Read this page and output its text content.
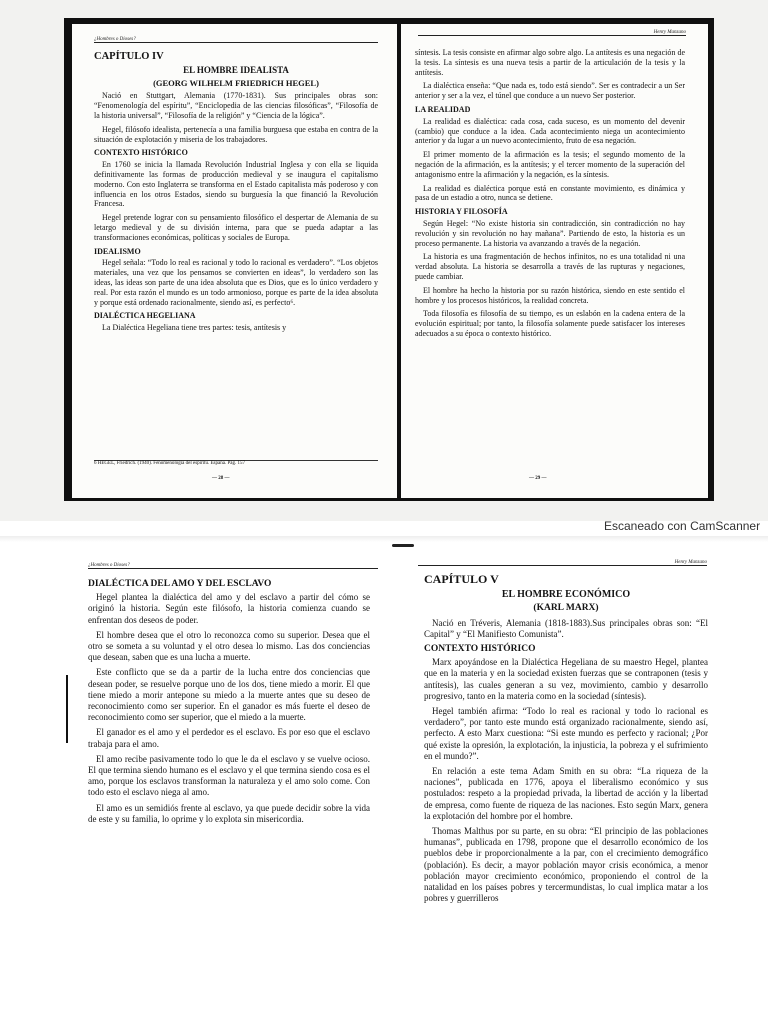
¿Hombres o Dioses?
CAPÍTULO IV
EL HOMBRE IDEALISTA
(GEORG WILHELM FRIEDRICH HEGEL)

Nació en Stuttgart, Alemania (1770-1831). Sus principales obras son: “Fenomenología del espíritu”, “Enciclopedia de las ciencias filosóficas”, “Filosofía de la historia universal”, “Filosofía de la religión” y “Ciencia de la lógica”.

Hegel, filósofo idealista, pertenecía a una familia burguesa que estaba en contra de la situación de explotación y miseria de los trabajadores.

CONTEXTO HISTÓRICO

En 1760 se inicia la llamada Revolución Industrial Inglesa y con ella se liquida definitivamente las formas de producción medieval y se inaugura el capitalismo moderno. Con esto Inglaterra se transforma en el Estado capitalista más poderoso y con influencia en los otros Estados, siendo su burguesía la que financió la Revolución Francesa.

Hegel pretende lograr con su pensamiento filosófico el despertar de Alemania de su letargo medieval y de su división interna, para que se pueda adaptar a las transformaciones económicas, políticas y sociales de Europa.

IDEALISMO

Hegel señala: “Todo lo real es racional y todo lo racional es verdadero”. “Los objetos materiales, una vez que los pensamos se convierten en ideas”, lo verdadero son las ideas, las ideas son parte de una idea absoluta que es Dios, que es lo único verdadero y real. Por esta razón el mundo es un todo armonioso, porque es parte de la idea absoluta y porque está ordenado racionalmente, siendo así, es perfecto⁶.

DIALÉCTICA HEGELIANA

La Dialéctica Hegeliana tiene tres partes: tesis, antítesis y

6 HEGEL, Friedrich. (1940). Fenomenología del espíritu. España. Pág. 157
— 28 —
Henry Manzano

síntesis. La tesis consiste en afirmar algo sobre algo. La antítesis es una negación de la tesis. La síntesis es una nueva tesis a partir de la articulación de la tesis y la antítesis.

La dialéctica enseña: “Que nada es, todo está siendo”. Ser es contradecir a un Ser anterior y ser a la vez, el túnel que conduce a un nuevo Ser posterior.

LA REALIDAD

La realidad es dialéctica: cada cosa, cada suceso, es un momento del devenir (cambio) que conduce a la idea. Cada acontecimiento niega un acontecimiento anterior y da lugar a un nuevo acontecimiento, fruto de esa negación.

El primer momento de la afirmación es la tesis; el segundo momento de la negación de la afirmación, es la antítesis; y el tercer momento de la superación del antagonismo entre la afirmación y la negación, es la síntesis.

La realidad es dialéctica porque está en constante movimiento, es dinámica y pasa de un estadio a otro, nunca se detiene.

HISTORIA Y FILOSOFÍA

Según Hegel: “No existe historia sin contradicción, sin contradicción no hay revolución y sin revolución no hay mañana”. Partiendo de esto, la historia es un proceso permanente. La historia va avanzando a través de la negación.

La historia es una fragmentación de hechos infinitos, no es una totalidad ni una verdad absoluta. La historia se desarrolla a través de las rupturas y negaciones, puede cambiar.

El hombre ha hecho la historia por su razón histórica, siendo en este sentido el hombre y los procesos históricos, la realidad concreta.

Toda filosofía es filosofía de su tiempo, es un eslabón en la cadena entera de la evolución espiritual; por tanto, la filosofía solamente puede satisfacer los intereses adecuados a su época o contexto histórico.

— 29 —
Escaneado con CamScanner
¿Hombres o Dioses?
DIALÉCTICA DEL AMO Y DEL ESCLAVO

Hegel plantea la dialéctica del amo y del esclavo a partir del cómo se originó la historia. Según este filósofo, la historia comienza cuando se enfrentan dos deseos de poder.

El hombre desea que el otro lo reconozca como su superior. Desea que el otro se someta a su voluntad y el otro desea lo mismo. Las dos conciencias que desean, saben que es una lucha a muerte.

Este conflicto que se da a partir de la lucha entre dos conciencias que desean poder, se resuelve porque uno de los dos, tiene miedo a morir. El que tiene miedo a morir antepone su miedo a la muerte antes que su deseo de reconocimiento como ser superior. En el ganador es más fuerte el deseo de reconocimiento como ser superior, que el miedo a la muerte.

El ganador es el amo y el perdedor es el esclavo. Es por eso que el esclavo trabaja para el amo.

El amo recibe pasivamente todo lo que le da el esclavo y se vuelve ocioso. El que termina siendo humano es el esclavo y el que termina siendo cosa es el amo, porque los esclavos transforman la naturaleza y el amo solo come. Con todo esto el esclavo niega al amo.

El amo es un semidiós frente al esclavo, ya que puede decidir sobre la vida de este y su familia, lo oprime y lo explota sin misericordia.

Henry Manzano
CAPÍTULO V
EL HOMBRE ECONÓMICO
(KARL MARX)

Nació en Tréveris, Alemania (1818-1883).Sus principales obras son: “El Capital” y “El Manifiesto Comunista”.

CONTEXTO HISTÓRICO

Marx apoyándose en la Dialéctica Hegeliana de su maestro Hegel, plantea que en la materia y en la sociedad existen fuerzas que se contraponen (tesis y antítesis), las cuales generan a su vez, movimiento, cambio y desarrollo progresivo, tanto en la materia como en la sociedad (síntesis).

Hegel también afirma: “Todo lo real es racional y todo lo racional es verdadero”, por tanto este mundo está organizado racionalmente, siendo así, perfecto. A esto Marx cuestiona: “Si este mundo es perfecto y racional; ¿Por qué existe la opresión, la explotación, la injusticia, la pobreza y el sufrimiento en el mundo?”.

En relación a este tema Adam Smith en su obra: “La riqueza de la naciones”, publicada en 1776, apoya el liberalismo económico y sus postulados: respeto a la propiedad privada, la libertad de acción y la libertad de empresa, como fuente de riqueza de las naciones. Esto según Marx, genera la explotación del hombre por el hombre.

Thomas Malthus por su parte, en su obra: “El principio de las poblaciones humanas”, publicada en 1798, propone que el desarrollo económico de los pueblos debe ir proporcionalmente a la par, con el crecimiento demográfico (población). Es decir, a mayor población mayor crisis económica, a menor población mayor crecimiento económico, proponiendo el control de la natalidad en los países pobres y tercermundistas, lo cual implica matar a los pobres y guerrilleros
